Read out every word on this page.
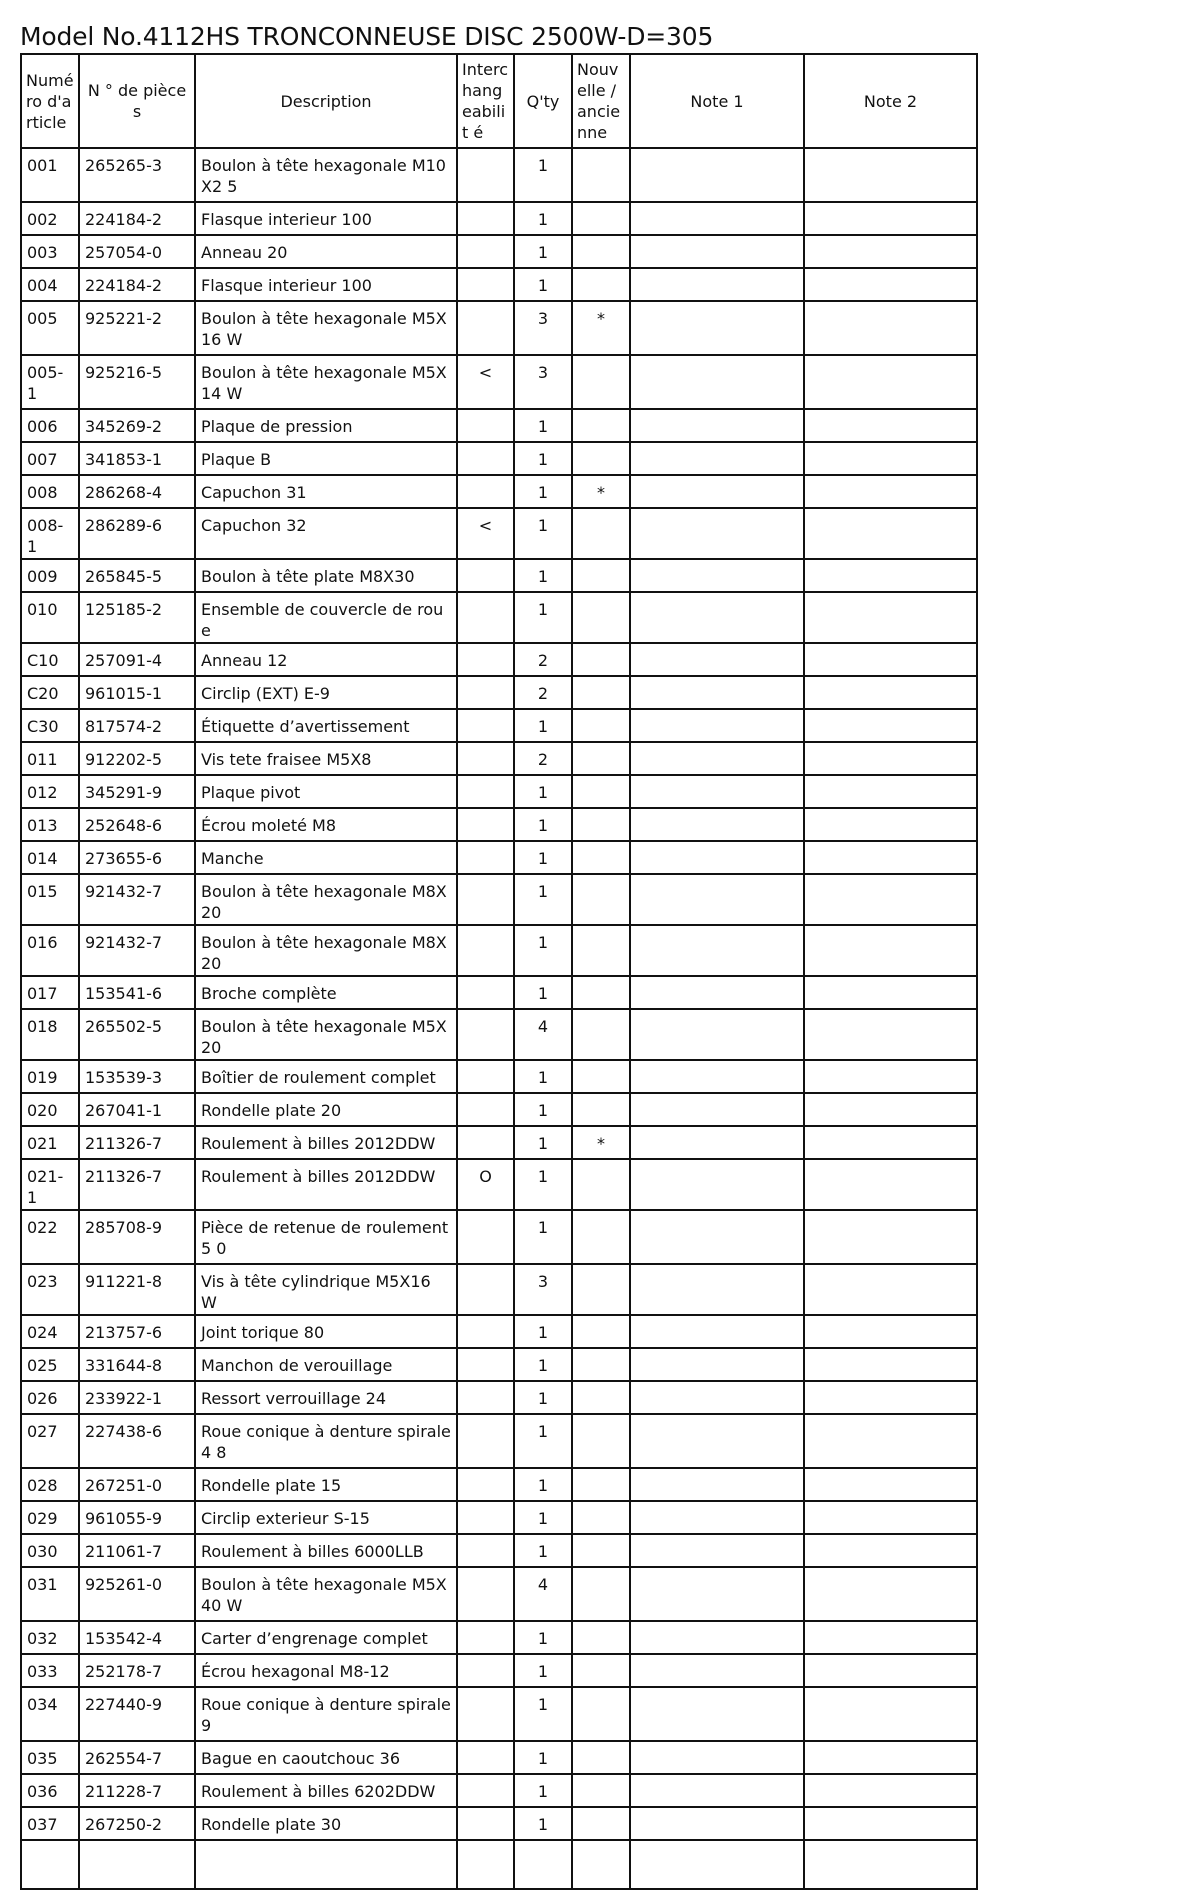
Model No.4112HS TRONCONNEUSE DISC 2500W-D=305
Numé ro d'a rticle	N ° de pièces	Description	Interc hang eabilit é	Q'ty	Nouv elle / ancie nne	Note 1	Note 2
001	265265-3	Boulon à tête hexagonale M10X2 5		1			
002	224184-2	Flasque interieur 100		1			
003	257054-0	Anneau 20		1			
004	224184-2	Flasque interieur 100		1			
005	925221-2	Boulon à tête hexagonale M5X16 W		3	*		
005-1	925216-5	Boulon à tête hexagonale M5X14 W	<	3			
006	345269-2	Plaque de pression		1			
007	341853-1	Plaque B		1			
008	286268-4	Capuchon 31		1	*		
008-1	286289-6	Capuchon 32	<	1			
009	265845-5	Boulon à tête plate M8X30		1			
010	125185-2	Ensemble de couvercle de roue		1			
C10	257091-4	Anneau 12		2			
C20	961015-1	Circlip (EXT) E-9		2			
C30	817574-2	Étiquette d’avertissement		1			
011	912202-5	Vis tete fraisee M5X8		2			
012	345291-9	Plaque pivot		1			
013	252648-6	Écrou moleté M8		1			
014	273655-6	Manche		1			
015	921432-7	Boulon à tête hexagonale M8X20		1			
016	921432-7	Boulon à tête hexagonale M8X20		1			
017	153541-6	Broche complète		1			
018	265502-5	Boulon à tête hexagonale M5X20		4			
019	153539-3	Boîtier de roulement complet		1			
020	267041-1	Rondelle plate 20		1			
021	211326-7	Roulement à billes 2012DDW		1	*		
021-1	211326-7	Roulement à billes 2012DDW	O	1			
022	285708-9	Pièce de retenue de roulement 5 0		1			
023	911221-8	Vis à tête cylindrique M5X16 W		3			
024	213757-6	Joint torique 80		1			
025	331644-8	Manchon de verouillage		1			
026	233922-1	Ressort verrouillage 24		1			
027	227438-6	Roue conique à denture spirale 4 8		1			
028	267251-0	Rondelle plate 15		1			
029	961055-9	Circlip exterieur S-15		1			
030	211061-7	Roulement à billes 6000LLB		1			
031	925261-0	Boulon à tête hexagonale M5X40 W		4			
032	153542-4	Carter d’engrenage complet		1			
033	252178-7	Écrou hexagonal M8-12		1			
034	227440-9	Roue conique à denture spirale 9		1			
035	262554-7	Bague en caoutchouc 36		1			
036	211228-7	Roulement à billes 6202DDW		1			
037	267250-2	Rondelle plate 30		1			
